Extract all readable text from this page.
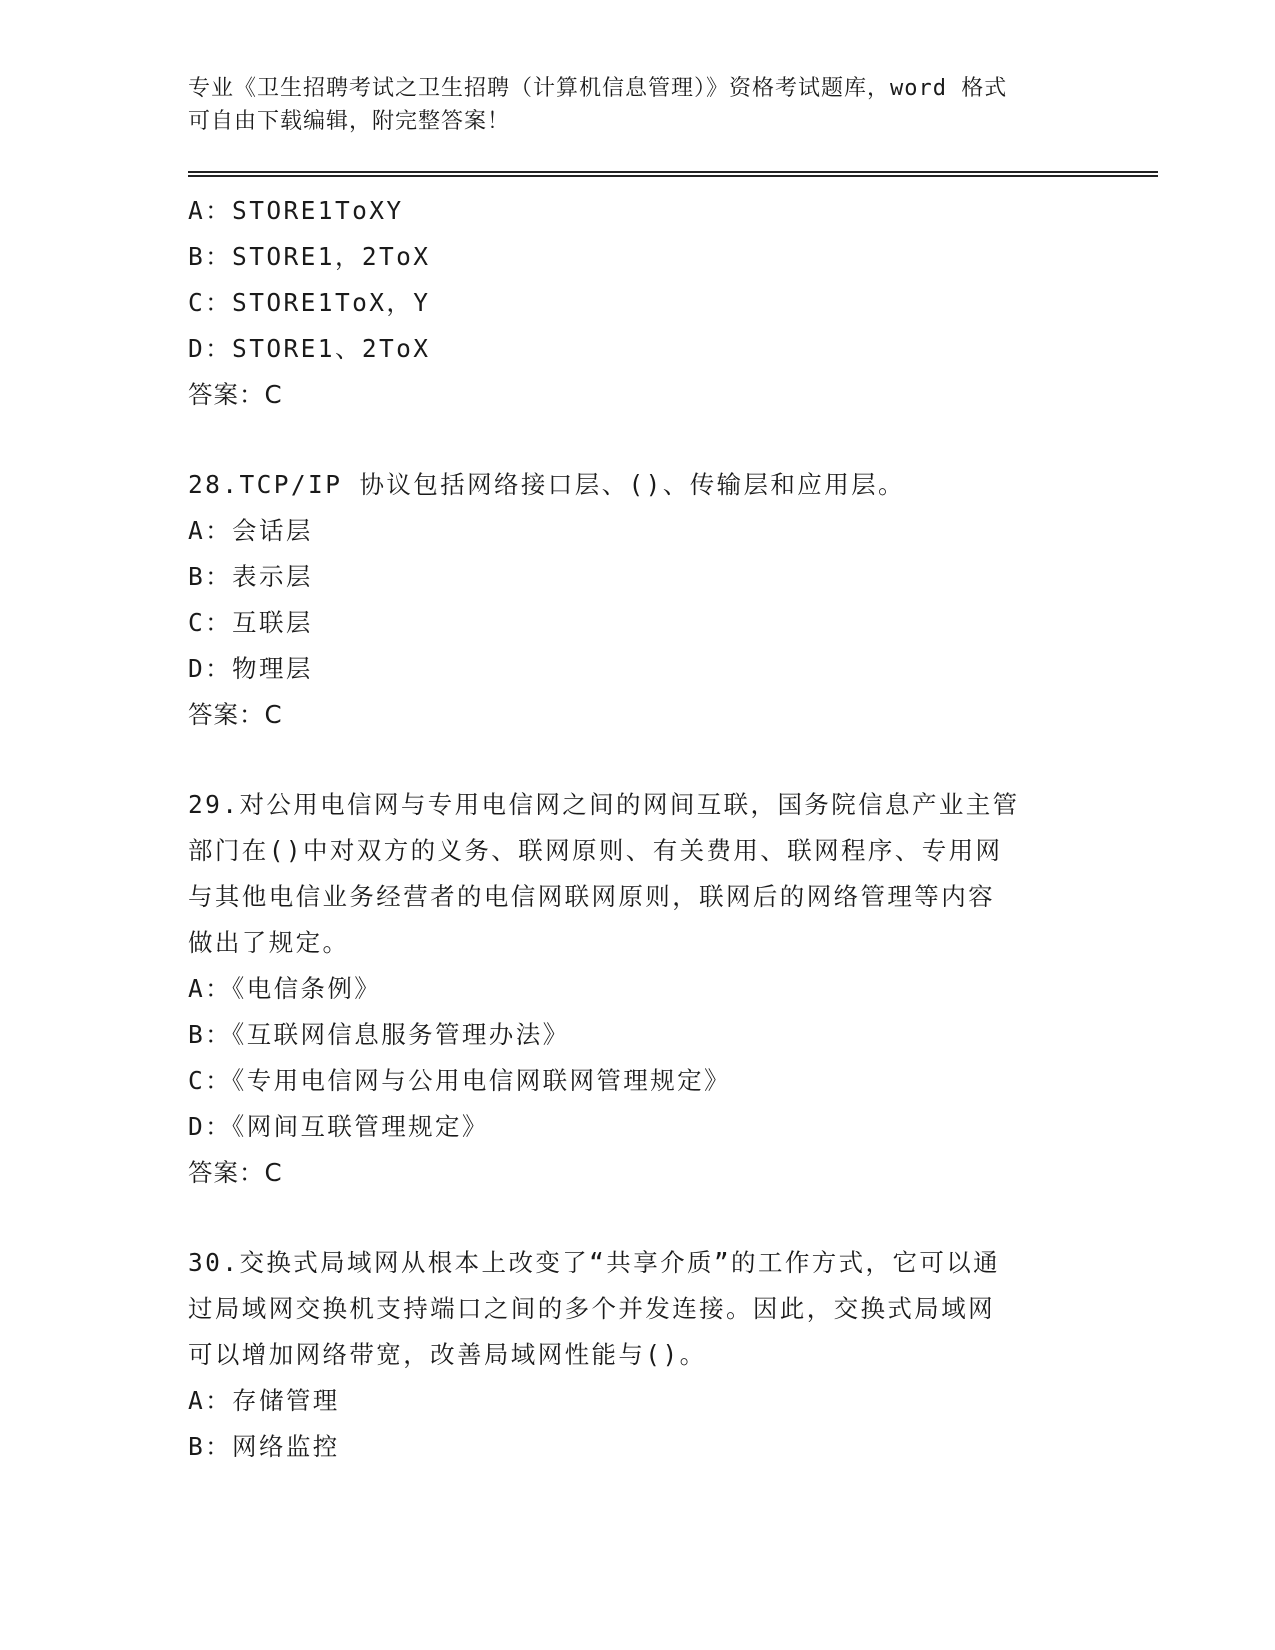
专业《卫生招聘考试之卫生招聘（计算机信息管理）》资格考试题库，word 格式
可自由下载编辑，附完整答案！
A：STORE1ToXY
B：STORE1，2ToX
C：STORE1ToX，Y
D：STORE1、2ToX
答案：C
28.TCP/IP 协议包括网络接口层、()、传输层和应用层。
A：会话层
B：表示层
C：互联层
D：物理层
答案：C
29.对公用电信网与专用电信网之间的网间互联，国务院信息产业主管
部门在()中对双方的义务、联网原则、有关费用、联网程序、专用网
与其他电信业务经营者的电信网联网原则，联网后的网络管理等内容
做出了规定。
A：《电信条例》
B：《互联网信息服务管理办法》
C：《专用电信网与公用电信网联网管理规定》
D：《网间互联管理规定》
答案：C
30.交换式局域网从根本上改变了“共享介质”的工作方式，它可以通
过局域网交换机支持端口之间的多个并发连接。因此，交换式局域网
可以增加网络带宽，改善局域网性能与()。
A：存储管理
B：网络监控
